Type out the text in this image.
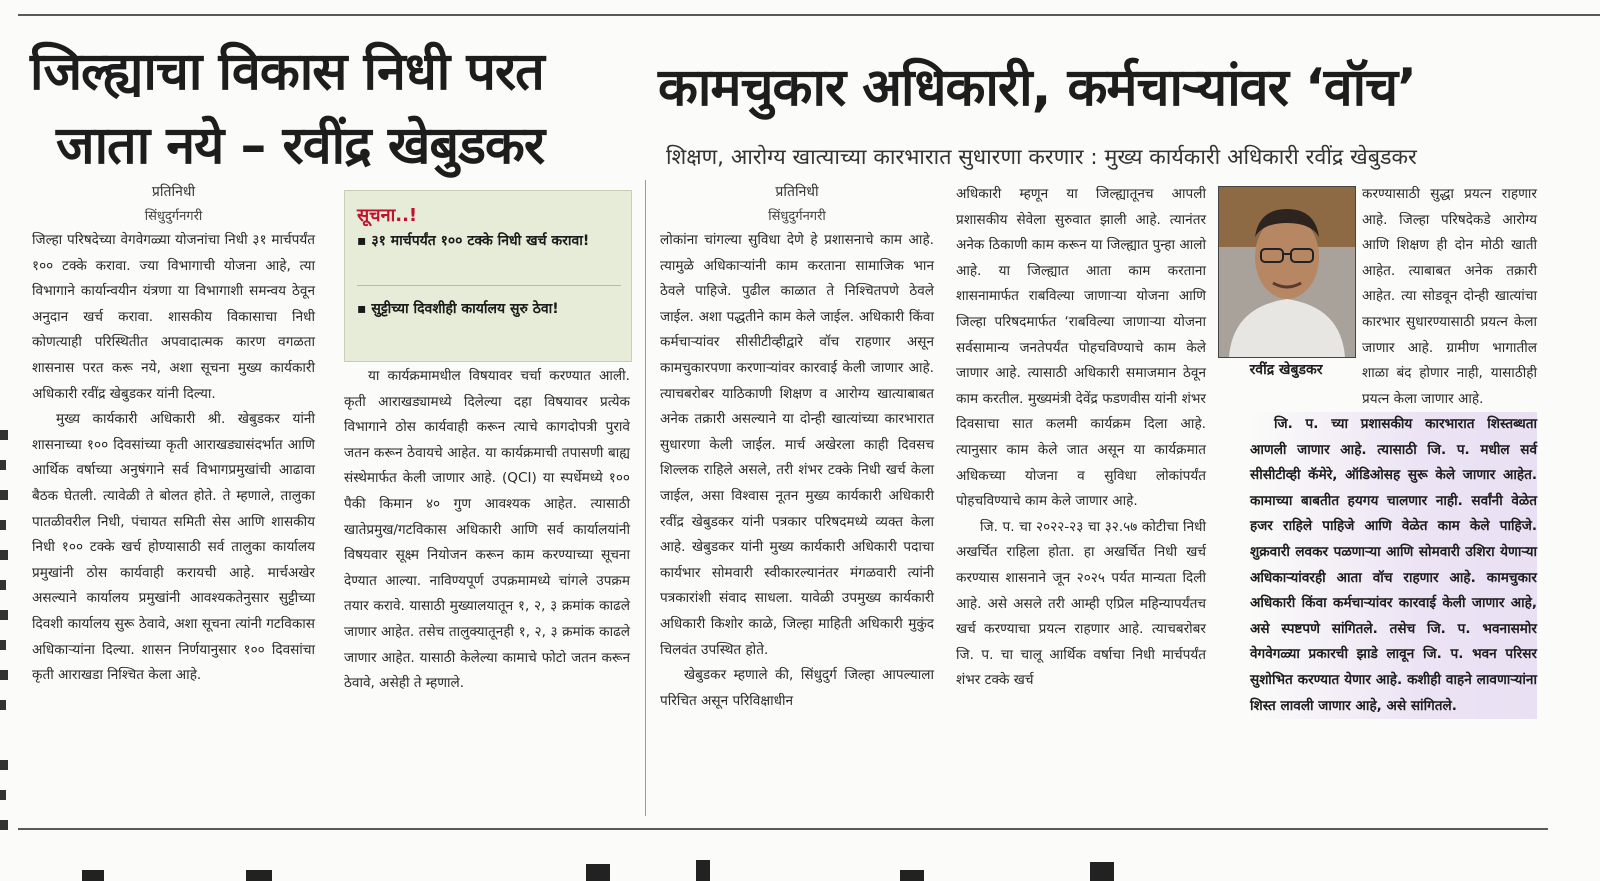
जिल्ह्याचा विकास निधी परत
जाता नये – रवींद्र खेबुडकर
कामचुकार अधिकारी, कर्मचाऱ्यांवर ‘वॉच’
शिक्षण, आरोग्य खात्याच्या कारभारात सुधारणा करणार : मुख्य कार्यकारी अधिकारी रवींद्र खेबुडकर
प्रतिनिधी
सिंधुदुर्गनगरी

जिल्हा परिषदेच्या वेगवेगळ्या योजनांचा निधी ३१ मार्चपर्यंत १०० टक्के करावा. ज्या विभागाची योजना आहे, त्या विभागाने कार्यान्वयीन यंत्रणा या विभागाशी समन्वय ठेवून अनुदान खर्च करावा. शासकीय विकासाचा निधी कोणत्याही परिस्थितीत अपवादात्मक कारण वगळता शासनास परत करू नये, अशा सूचना मुख्य कार्यकारी अधिकारी रवींद्र खेबुडकर यांनी दिल्या.

मुख्य कार्यकारी अधिकारी श्री. खेबुडकर यांनी शासनाच्या १०० दिवसांच्या कृती आराखड्यासंदर्भात आणि आर्थिक वर्षाच्या अनुषंगाने सर्व विभागप्रमुखांची आढावा बैठक घेतली. त्यावेळी ते बोलत होते. ते म्हणाले, तालुका पातळीवरील निधी, पंचायत समिती सेस आणि शासकीय निधी १०० टक्के खर्च होण्यासाठी सर्व तालुका कार्यालय प्रमुखांनी ठोस कार्यवाही करायची आहे. मार्चअखेर असल्याने कार्यालय प्रमुखांनी आवश्यकतेनुसार सुट्टीच्या दिवशी कार्यालय सुरू ठेवावे, अशा सूचना त्यांनी गटविकास अधिकाऱ्यांना दिल्या. शासन निर्णयानुसार १०० दिवसांचा कृती आराखडा निश्चित केला आहे.

सूचना..!
▪ ३१ मार्चपर्यंत १०० टक्के निधी खर्च करावा!
▪ सुट्टीच्या दिवशीही कार्यालय सुरु ठेवा!

या कार्यक्रमामधील विषयावर चर्चा करण्यात आली. कृती आराखड्यामध्ये दिलेल्या दहा विषयावर प्रत्येक विभागाने ठोस कार्यवाही करून त्याचे कागदोपत्री पुरावे जतन करून ठेवायचे आहेत. या कार्यक्रमाची तपासणी बाह्य संस्थेमार्फत केली जाणार आहे. (QCI) या स्पर्धेमध्ये १०० पैकी किमान ४० गुण आवश्यक आहेत. त्यासाठी खातेप्रमुख/गटविकास अधिकारी आणि सर्व कार्यालयांनी विषयवार सूक्ष्म नियोजन करून काम करण्याच्या सूचना देण्यात आल्या. नाविण्यपूर्ण उपक्रमामध्ये चांगले उपक्रम तयार करावे. यासाठी मुख्यालयातून १, २, ३ क्रमांक काढले जाणार आहेत. तसेच तालुक्यातूनही १, २, ३ क्रमांक काढले जाणार आहेत. यासाठी केलेल्या कामाचे फोटो जतन करून ठेवावे, असेही ते म्हणाले.

प्रतिनिधी
सिंधुदुर्गनगरी

लोकांना चांगल्या सुविधा देणे हे प्रशासनाचे काम आहे. त्यामुळे अधिकाऱ्यांनी काम करताना सामाजिक भान ठेवले पाहिजे. पुढील काळात ते निश्चितपणे ठेवले जाईल. अशा पद्धतीने काम केले जाईल. अधिकारी किंवा कर्मचाऱ्यांवर सीसीटीव्हीद्वारे वॉच राहणार असून कामचुकारपणा करणाऱ्यांवर कारवाई केली जाणार आहे. त्याचबरोबर याठिकाणी शिक्षण व आरोग्य खात्याबाबत अनेक तक्रारी असल्याने या दोन्ही खात्यांच्या कारभारात सुधारणा केली जाईल. मार्च अखेरला काही दिवसच शिल्लक राहिले असले, तरी शंभर टक्के निधी खर्च केला जाईल, असा विश्वास नूतन मुख्य कार्यकारी अधिकारी रवींद्र खेबुडकर यांनी पत्रकार परिषदमध्ये व्यक्त केला आहे. खेबुडकर यांनी मुख्य कार्यकारी अधिकारी पदाचा कार्यभार सोमवारी स्वीकारल्यानंतर मंगळवारी त्यांनी पत्रकारांशी संवाद साधला. यावेळी उपमुख्य कार्यकारी अधिकारी किशोर काळे, जिल्हा माहिती अधिकारी मुकुंद चिलवंत उपस्थित होते.

खेबुडकर म्हणाले की, सिंधुदुर्ग जिल्हा आपल्याला परिचित असून परिविक्षाधीन

अधिकारी म्हणून या जिल्ह्यातूनच आपली प्रशासकीय सेवेला सुरुवात झाली आहे. त्यानंतर अनेक ठिकाणी काम करून या जिल्ह्यात पुन्हा आलो आहे. या जिल्ह्यात आता काम करताना शासनामार्फत राबविल्या जाणाऱ्या योजना आणि जिल्हा परिषदमार्फत ‘राबविल्या जाणाऱ्या योजना सर्वसामान्य जनतेपर्यंत पोहचविण्याचे काम केले जाणार आहे. त्यासाठी अधिकारी समाजमान ठेवून काम करतील. मुख्यमंत्री देवेंद्र फडणवीस यांनी शंभर दिवसाचा सात कलमी कार्यक्रम दिला आहे. त्यानुसार काम केले जात असून या कार्यक्रमात अधिकच्या योजना व सुविधा लोकांपर्यंत पोहचविण्याचे काम केले जाणार आहे.

जि. प. चा २०२२-२३ चा ३२.५७ कोटीचा निधी अखर्चित राहिला होता. हा अखर्चित निधी खर्च करण्यास शासनाने जून २०२५ पर्यत मान्यता दिली आहे. असे असले तरी आम्ही एप्रिल महिन्यापर्यंतच खर्च करण्याचा प्रयत्न राहणार आहे. त्याचबरोबर जि. प. चा चालू आर्थिक वर्षाचा निधी मार्चपर्यंत शंभर टक्के खर्च

रवींद्र खेबुडकर

करण्यासाठी सुद्धा प्रयत्न राहणार आहे. जिल्हा परिषदेकडे आरोग्य आणि शिक्षण ही दोन मोठी खाती आहेत. त्याबाबत अनेक तक्रारी आहेत. त्या सोडवून दोन्ही खात्यांचा कारभार सुधारण्यासाठी प्रयत्न केला जाणार आहे. ग्रामीण भागातील शाळा बंद होणार नाही, यासाठीही प्रयत्न केला जाणार आहे.

जि. प. च्या प्रशासकीय कारभारात शिस्तब्धता आणली जाणार आहे. त्यासाठी जि. प. मधील सर्व सीसीटीव्ही कॅमेरे, ऑडिओसह सुरू केले जाणार आहेत. कामाच्या बाबतीत हयगय चालणार नाही. सर्वांनी वेळेत हजर राहिले पाहिजे आणि वेळेत काम केले पाहिजे. शुक्रवारी लवकर पळणाऱ्या आणि सोमवारी उशिरा येणाऱ्या अधिकाऱ्यांवरही आता वॉच राहणार आहे. कामचुकार अधिकारी किंवा कर्मचाऱ्यांवर कारवाई केली जाणार आहे, असे स्पष्टपणे सांगितले. तसेच जि. प. भवनासमोर वेगवेगळ्या प्रकारची झाडे लावून जि. प. भवन परिसर सुशोभित करण्यात येणार आहे. कशीही वाहने लावणाऱ्यांना शिस्त लावली जाणार आहे, असे सांगितले.
